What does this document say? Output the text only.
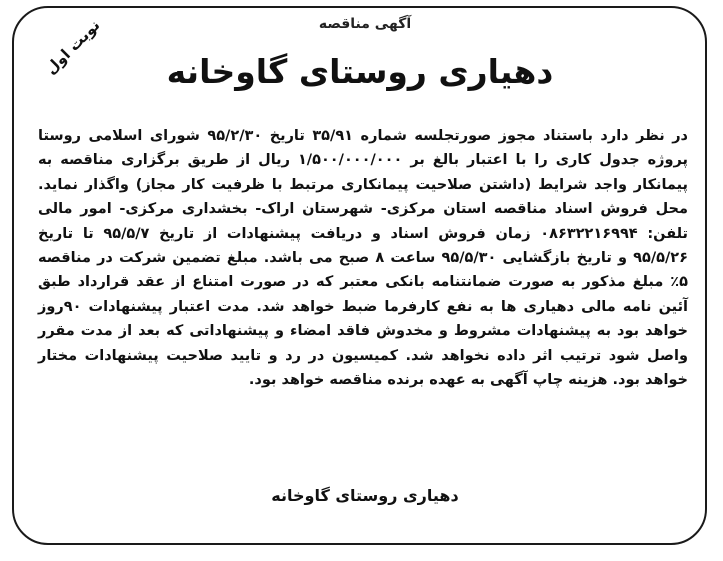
آگهی مناقصه
نوبت اول	دهیاری روستای گاوخانه
در نظر دارد باستناد مجوز صورتجلسه شماره ۳۵/۹۱ تاریخ ۹۵/۲/۳۰ شورای اسلامی روستا پروژه جدول کاری را با اعتبار بالغ بر ۱/۵۰۰/۰۰۰/۰۰۰ ریال از طریق برگزاری مناقصه به پیمانکار واجد شرایط (داشتن صلاحیت پیمانکاری مرتبط با ظرفیت کار مجاز) واگذار نماید. محل فروش اسناد مناقصه استان مرکزی- شهرستان اراک- بخشداری مرکزی- امور مالی تلفن: ۰۸۶۳۲۲۱۶۹۹۴ زمان فروش اسناد و دریافت پیشنهادات از تاریخ ۹۵/۵/۷ تا تاریخ ۹۵/۵/۲۶ و تاریخ بازگشایی ۹۵/۵/۳۰ ساعت ۸ صبح می باشد. مبلغ تضمین شرکت در مناقصه ۵٪ مبلغ مذکور به صورت ضمانتنامه بانکی معتبر که در صورت امتناع از عقد قرارداد طبق آئین نامه مالی دهیاری ها به نفع کارفرما ضبط خواهد شد. مدت اعتبار پیشنهادات ۹۰روز خواهد بود به پیشنهادات مشروط و مخدوش فاقد امضاء و پیشنهاداتی که بعد از مدت مقرر واصل شود ترتیب اثر داده نخواهد شد. کمیسیون در رد و تایید صلاحیت پیشنهادات مختار خواهد بود. هزینه چاپ آگهی به عهده برنده مناقصه خواهد بود.
دهیاری روستای گاوخانه
